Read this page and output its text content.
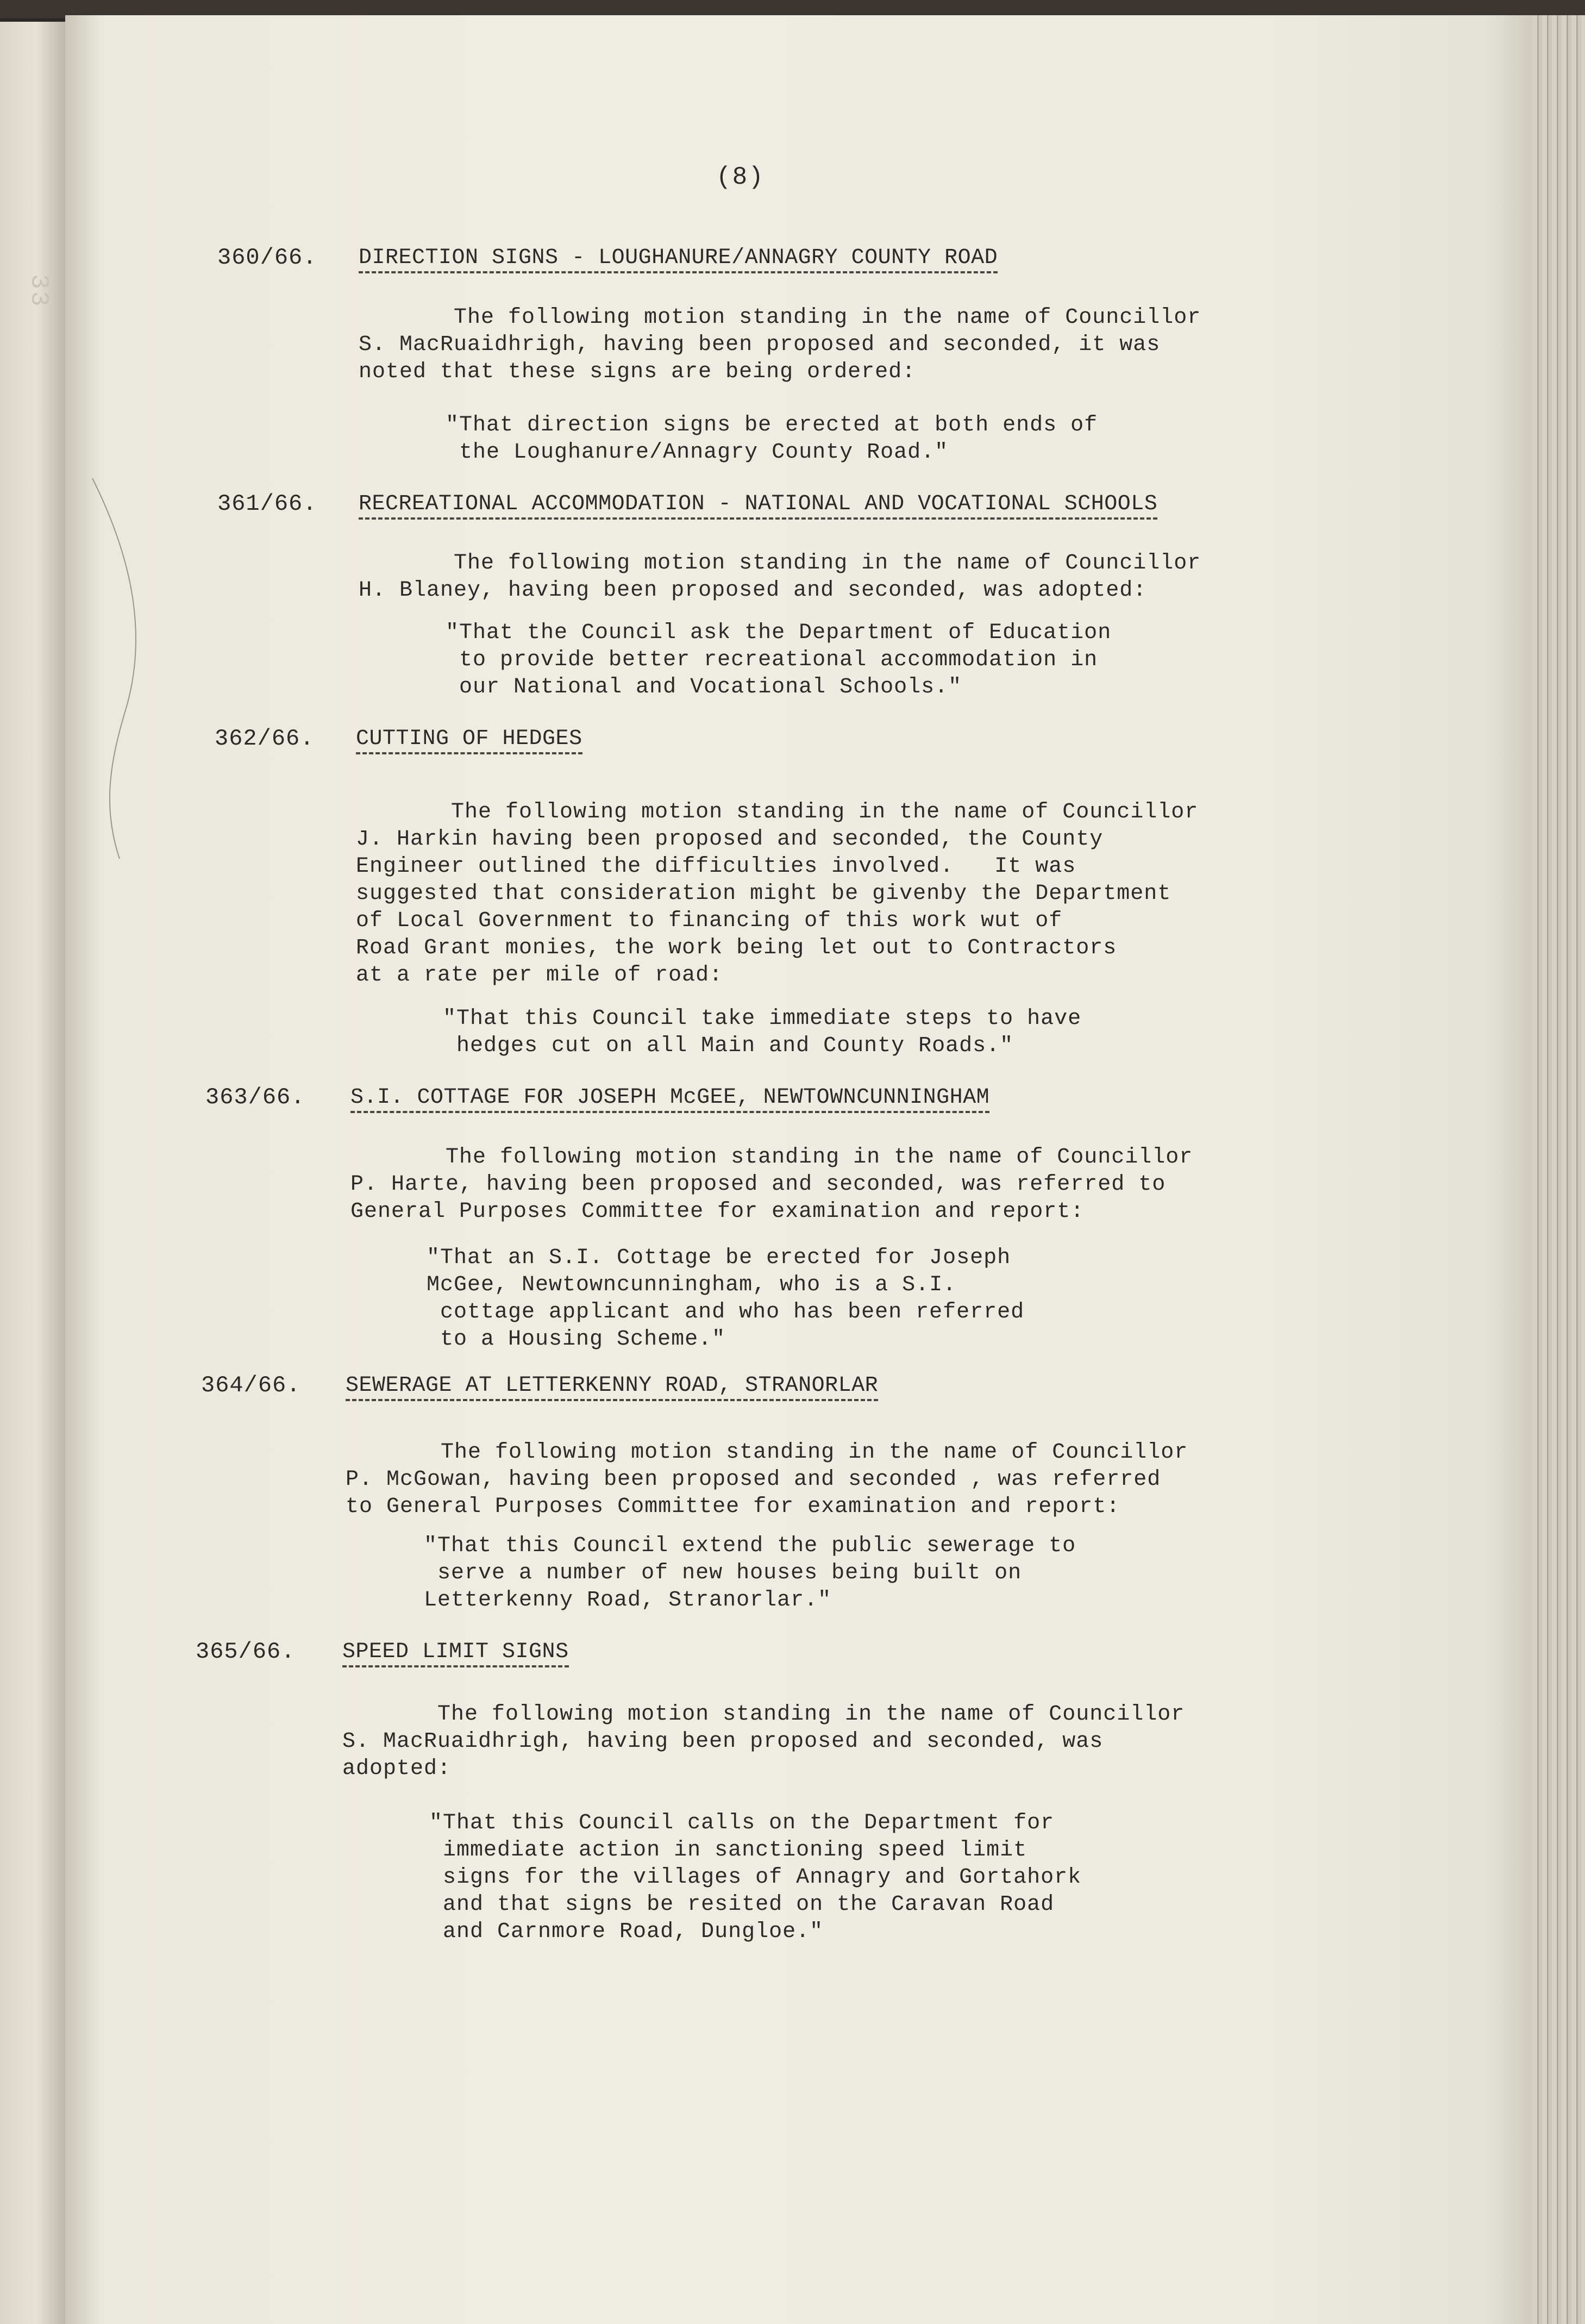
33
(8)
360/66. DIRECTION SIGNS - LOUGHANURE/ANNAGRY COUNTY ROAD
The following motion standing in the name of Councillor
S. MacRuaidhrigh, having been proposed and seconded, it was
noted that these signs are being ordered:
"That direction signs be erected at both ends of
the Loughanure/Annagry County Road."
361/66. RECREATIONAL ACCOMMODATION - NATIONAL AND VOCATIONAL SCHOOLS
The following motion standing in the name of Councillor
H. Blaney, having been proposed and seconded, was adopted:
"That the Council ask the Department of Education
to provide better recreational accommodation in
our National and Vocational Schools."
362/66. CUTTING OF HEDGES
The following motion standing in the name of Councillor
J. Harkin having been proposed and seconded, the County
Engineer outlined the difficulties involved.   It was
suggested that consideration might be givenby the Department
of Local Government to financing of this work wut of
Road Grant monies, the work being let out to Contractors
at a rate per mile of road:
"That this Council take immediate steps to have
hedges cut on all Main and County Roads."
363/66. S.I. COTTAGE FOR JOSEPH McGEE, NEWTOWNCUNNINGHAM
The following motion standing in the name of Councillor
P. Harte, having been proposed and seconded, was referred to
General Purposes Committee for examination and report:
"That an S.I. Cottage be erected for Joseph
McGee, Newtowncunningham, who is a S.I.
cottage applicant and who has been referred
to a Housing Scheme."
364/66. SEWERAGE AT LETTERKENNY ROAD, STRANORLAR
The following motion standing in the name of Councillor
P. McGowan, having been proposed and seconded , was referred
to General Purposes Committee for examination and report:
"That this Council extend the public sewerage to
serve a number of new houses being built on
Letterkenny Road, Stranorlar."
365/66. SPEED LIMIT SIGNS
The following motion standing in the name of Councillor
S. MacRuaidhrigh, having been proposed and seconded, was
adopted:
"That this Council calls on the Department for
immediate action in sanctioning speed limit
signs for the villages of Annagry and Gortahork
and that signs be resited on the Caravan Road
and Carnmore Road, Dungloe."
